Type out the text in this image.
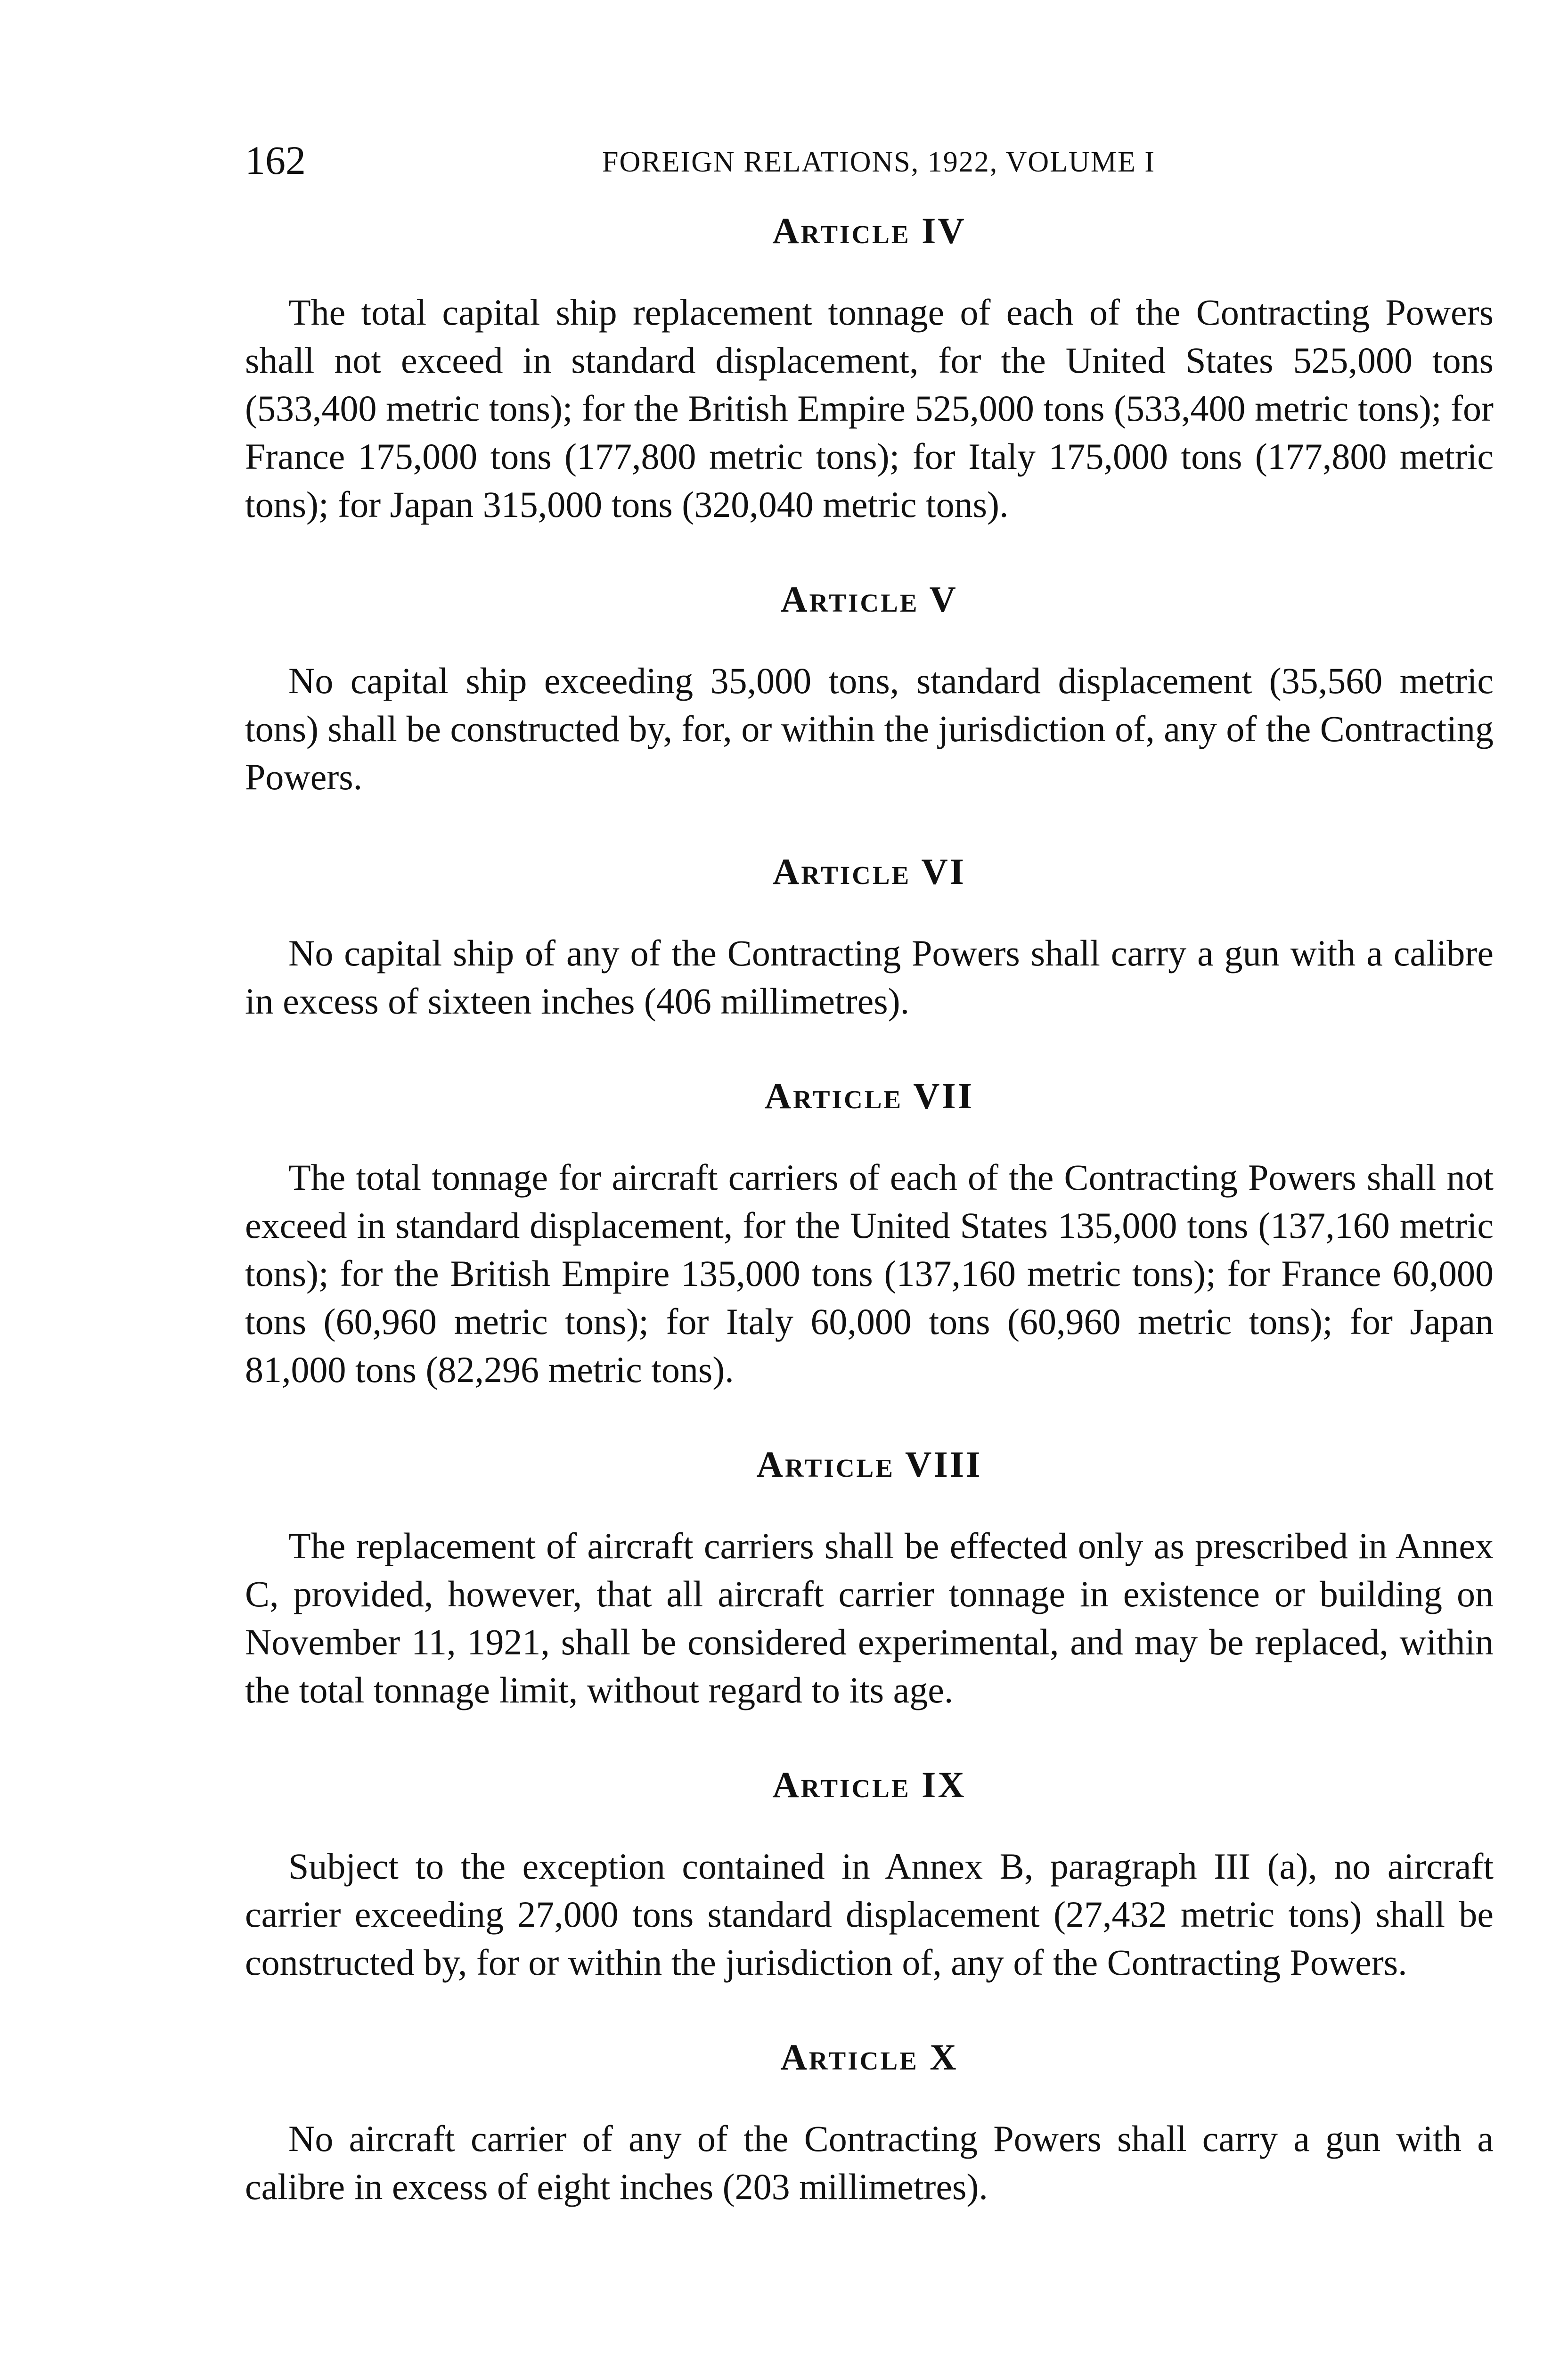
162	FOREIGN RELATIONS, 1922, VOLUME I
Article IV

The total capital ship replacement tonnage of each of the Contracting Powers shall not exceed in standard displacement, for the United States 525,000 tons (533,400 metric tons); for the British Empire 525,000 tons (533,400 metric tons); for France 175,000 tons (177,800 metric tons); for Italy 175,000 tons (177,800 metric tons); for Japan 315,000 tons (320,040 metric tons).

Article V

No capital ship exceeding 35,000 tons, standard displacement (35,560 metric tons) shall be constructed by, for, or within the jurisdiction of, any of the Contracting Powers.

Article VI

No capital ship of any of the Contracting Powers shall carry a gun with a calibre in excess of sixteen inches (406 millimetres).

Article VII

The total tonnage for aircraft carriers of each of the Contracting Powers shall not exceed in standard displacement, for the United States 135,000 tons (137,160 metric tons); for the British Empire 135,000 tons (137,160 metric tons); for France 60,000 tons (60,960 metric tons); for Italy 60,000 tons (60,960 metric tons); for Japan 81,000 tons (82,296 metric tons).

Article VIII

The replacement of aircraft carriers shall be effected only as prescribed in Annex C, provided, however, that all aircraft carrier tonnage in existence or building on November 11, 1921, shall be considered experimental, and may be replaced, within the total tonnage limit, without regard to its age.

Article IX

Subject to the exception contained in Annex B, paragraph III (a), no aircraft carrier exceeding 27,000 tons standard displacement (27,432 metric tons) shall be constructed by, for or within the jurisdiction of, any of the Contracting Powers.

Article X

No aircraft carrier of any of the Contracting Powers shall carry a gun with a calibre in excess of eight inches (203 millimetres).
